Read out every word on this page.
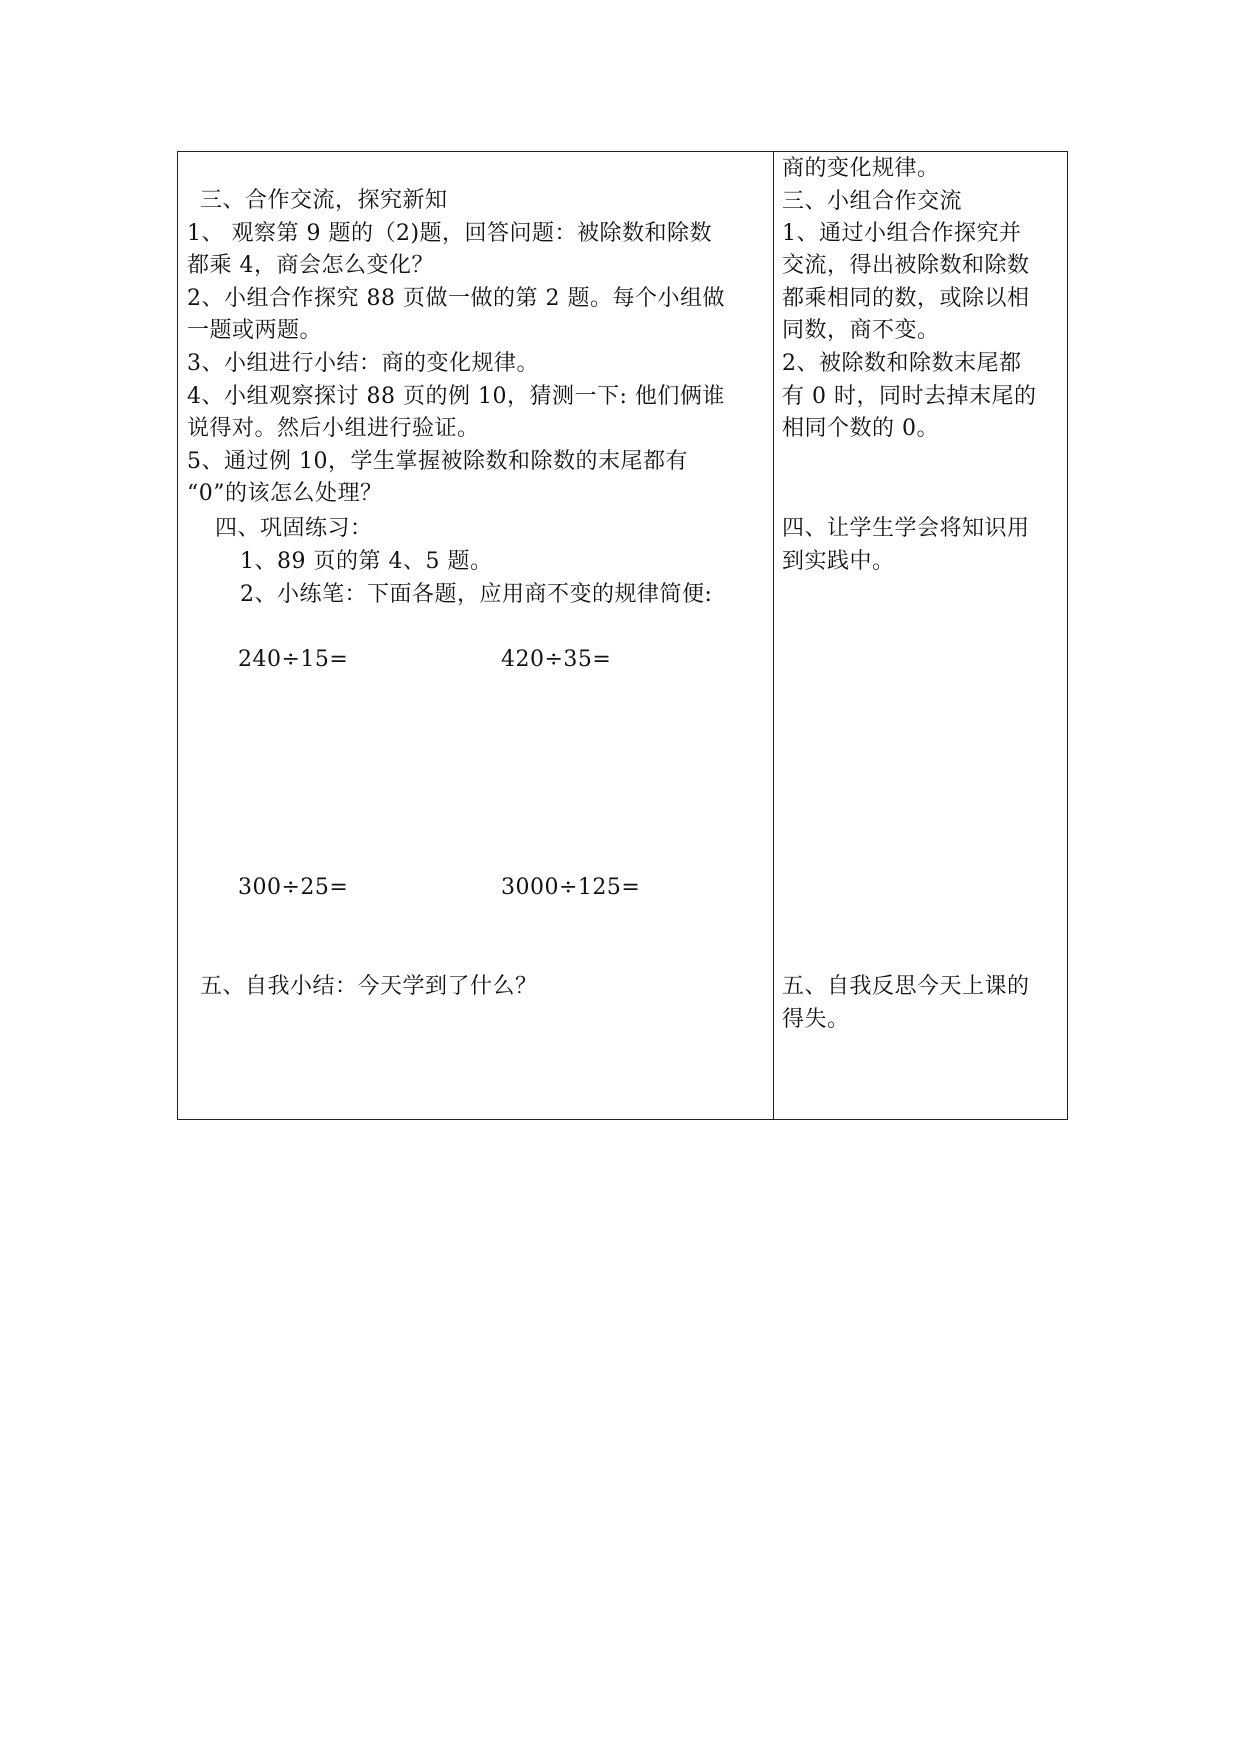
三、合作交流，探究新知
1、 观察第 9 题的（2)题，回答问题：被除数和除数
都乘 4，商会怎么变化？
2、小组合作探究 88 页做一做的第 2 题。每个小组做
一题或两题。
3、小组进行小结：商的变化规律。
4、小组观察探讨 88 页的例 10，猜测一下: 他们俩谁
说得对。然后小组进行验证。
5、通过例 10，学生掌握被除数和除数的末尾都有
“0”的该怎么处理？
四、巩固练习：
1、89 页的第 4、5 题。
2、小练笔：下面各题，应用商不变的规律简便:
240÷15=	420÷35=
300÷25=	3000÷125=
五、自我小结：今天学到了什么？
商的变化规律。
三、小组合作交流
1、通过小组合作探究并
交流，得出被除数和除数
都乘相同的数，或除以相
同数，商不变。
2、被除数和除数末尾都
有 0 时，同时去掉末尾的
相同个数的 0。
四、让学生学会将知识用
到实践中。
五、自我反思今天上课的
得失。
